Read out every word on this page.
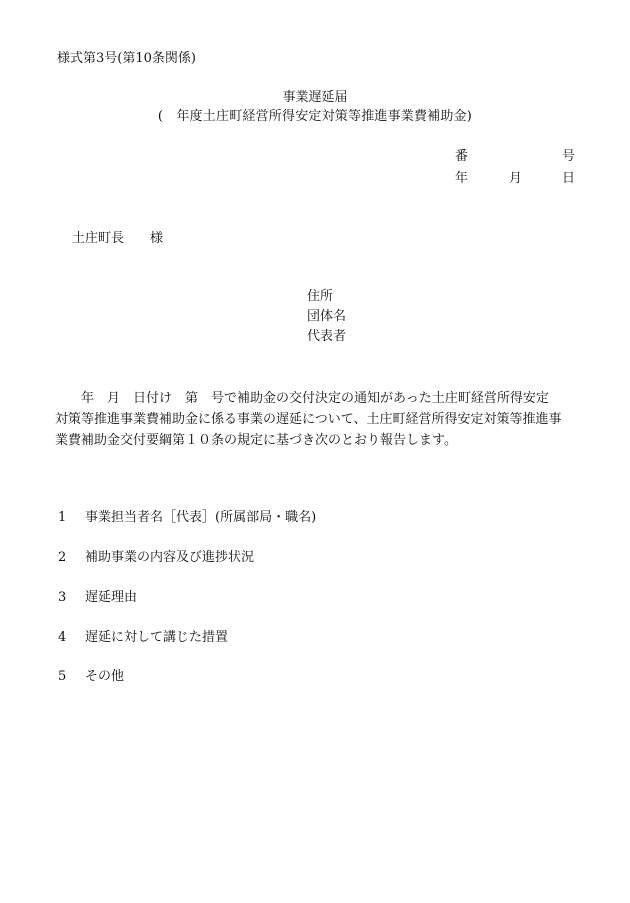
様式第3号(第10条関係)
事業遅延届
(　年度土庄町経営所得安定対策等推進事業費補助金)
番	号
年	月	日
土庄町長　　様
住所
団体名
代表者
　　年　月　日付け　第　号で補助金の交付決定の通知があった土庄町経営所得安定
対策等推進事業費補助金に係る事業の遅延について、土庄町経営所得安定対策等推進事
業費補助金交付要綱第１０条の規定に基づき次のとおり報告します。
1 事業担当者名［代表］(所属部局・職名)
2 補助事業の内容及び進捗状況
3 遅延理由
4 遅延に対して講じた措置
5 その他
